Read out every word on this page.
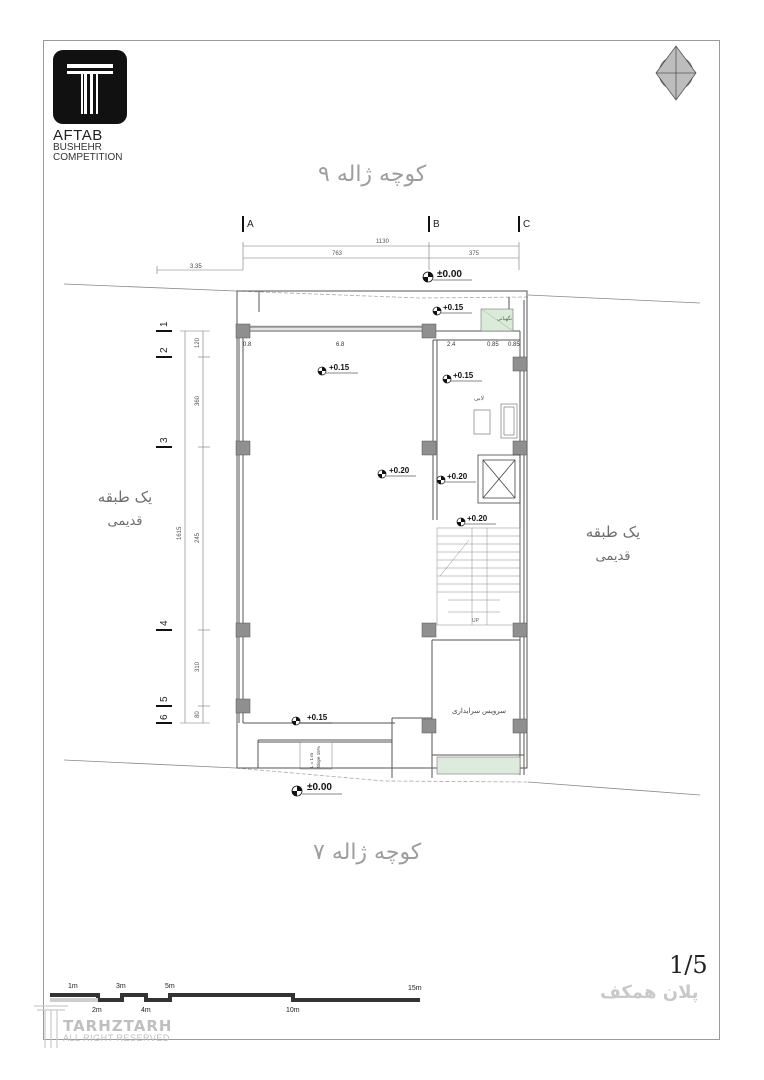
AFTAB
BUSHEHR
COMPETITION
کوچه ژاله ۹
کوچه ژاله ۷
یک طبقه
قدیمی
یک طبقه
قدیمی
A	B	C
1130
763	375
3.35
1
2
3
4
5
6
1615
120
360
245
310
80
نگهبانی
0.8	6.8	2.4	0.85 0.85
لابی
UP
سرویس سرایداری
L = 1 m Slope 15%
±0.00
+0.15
+0.15
+0.15
+0.20
+0.20
+0.20
+0.15
±0.00
1m	3m	5m	15m
2m	4m	10m
1/5
پلان همکف
TARHZTARH
ALL RIGHT RESERVED
